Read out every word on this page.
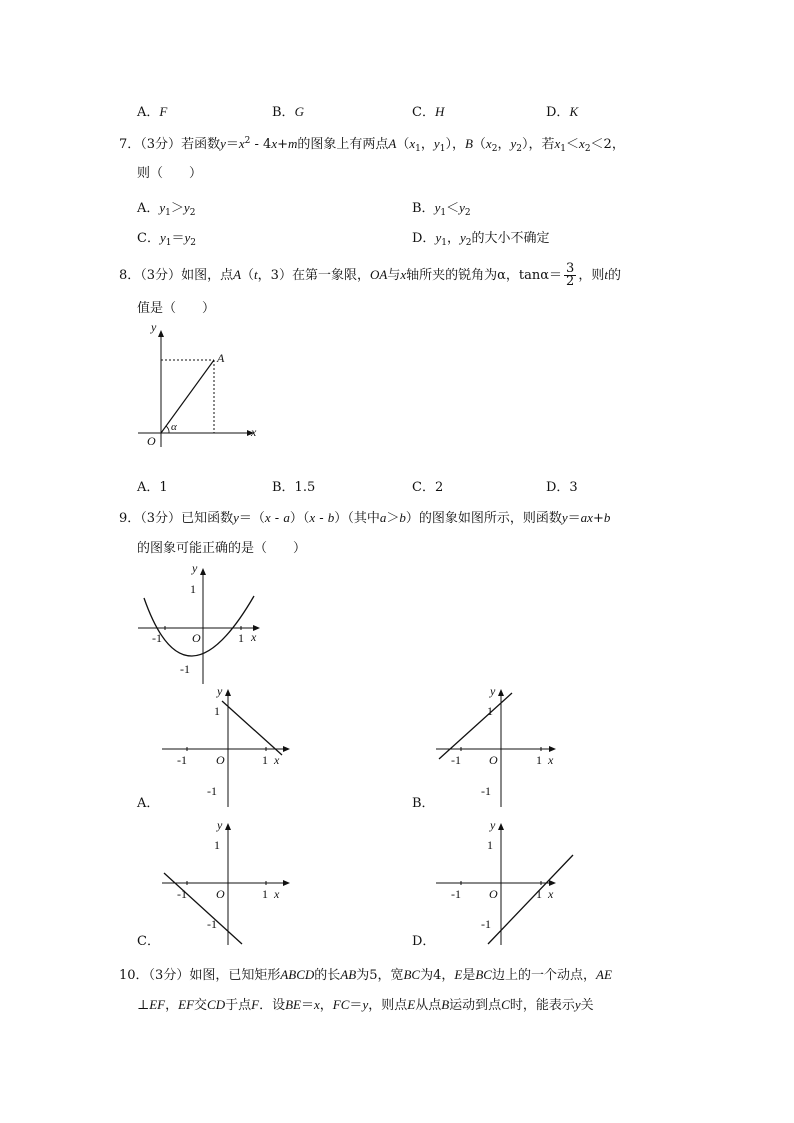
A．F	B．G	C．H	D．K
7．（3分）若函数$y=x^2 - 4x+m$的图象上有两点$A(x_1$，$y_1$），$B(x_2$，$y_2$），若$x_1<x_2<2$，
则（　　）
A．$y_1>y_2$	B．$y_1<y_2$
C．$y_1=y_2$	D．$y_1$，$y_2$的大小不确定
8．（3分）如图，点A（t，3）在第一象限，OA与x轴所夹的锐角为α，$\tan\alpha= \frac{3}{2}$ ，则t的
值是（　　）
y
x
O
A
α
A．1	B．1.5	C．2	D．3
9．（3分）已知函数y＝（x - a）（x - b）（其中a＞b）的图象如图所示，则函数y＝ax+b
的图象可能正确的是（　　）
y
1
-1	O	1 x
-1
y
1
-1 O	1 x
-1
A．
y
1
-1 O	1 x
-1
B．
y
1
-1 O	1 x
-1
C．
y
1
-1 O	1 x
-1
D．
10．（3分）如图，已知矩形ABCD的长AB为5，宽BC为4，E是BC边上的一个动点，AE
⊥EF，EF交CD于点F．设BE＝x，FC＝y，则点E从点B运动到点C时，能表示y关
